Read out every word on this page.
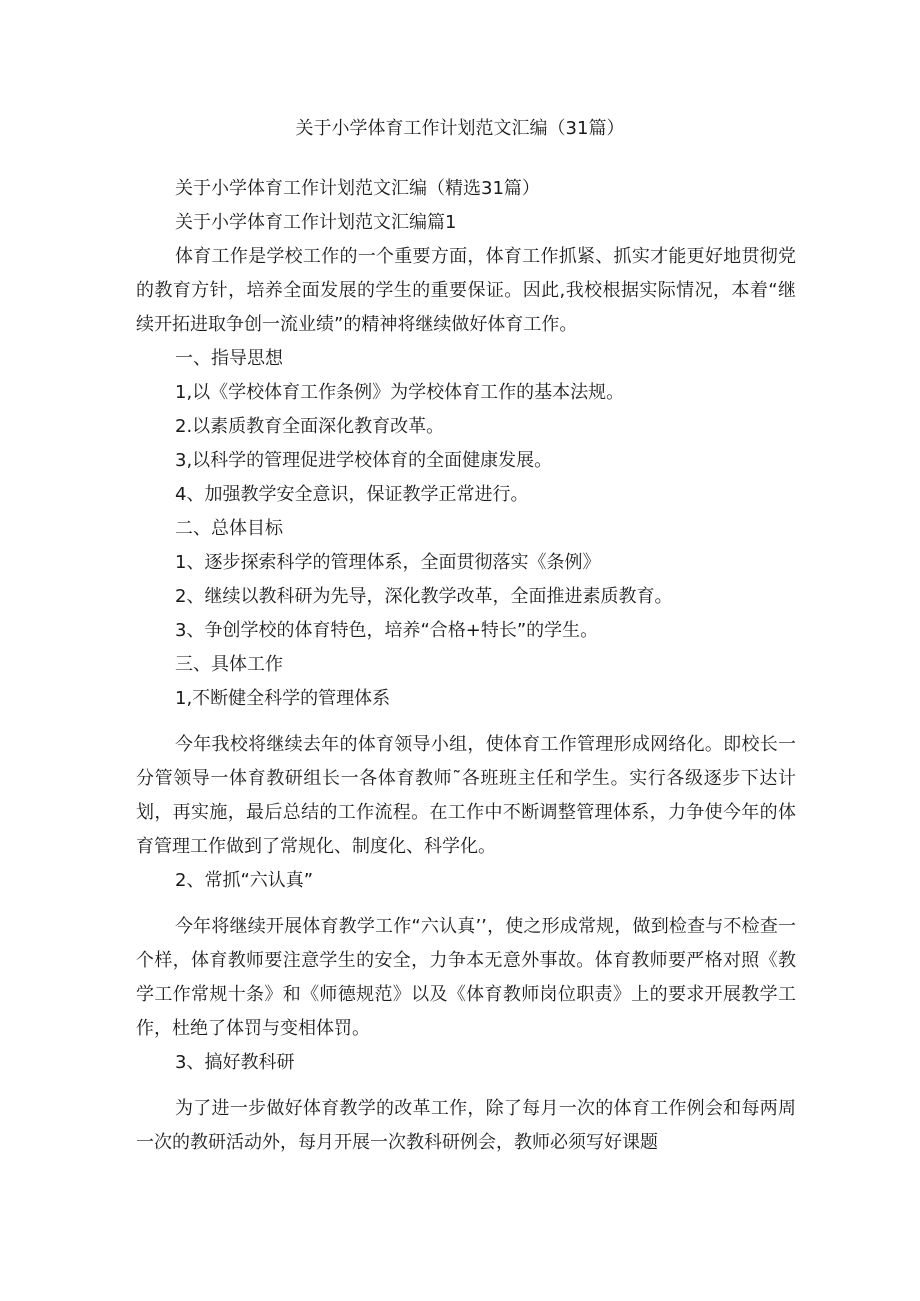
关于小学体育工作计划范文汇编（31篇）
关于小学体育工作计划范文汇编（精选31篇）
关于小学体育工作计划范文汇编篇1

体育工作是学校工作的一个重要方面，体育工作抓紧、抓实才能更好地贯彻党的教育方针，培养全面发展的学生的重要保证。因此,我校根据实际情况，本着“继续开拓进取争创一流业绩”的精神将继续做好体育工作。

一、指导思想
1,以《学校体育工作条例》为学校体育工作的基本法规。
2.以素质教育全面深化教育改革。
3,以科学的管理促进学校体育的全面健康发展。
4、加强教学安全意识，保证教学正常进行。
二、总体目标
1、逐步探索科学的管理体系，全面贯彻落实《条例》
2、继续以教科研为先导，深化教学改革，全面推进素质教育。
3、争创学校的体育特色，培养“合格+特长”的学生。
三、具体工作
1,不断健全科学的管理体系

今年我校将继续去年的体育领导小组，使体育工作管理形成网络化。即校长一分管领导一体育教研组长一各体育教师˜各班班主任和学生。实行各级逐步下达计划，再实施，最后总结的工作流程。在工作中不断调整管理体系，力争使今年的体育管理工作做到了常规化、制度化、科学化。

2、常抓“六认真”

今年将继续开展体育教学工作“六认真’’，使之形成常规，做到检查与不检查一个样，体育教师要注意学生的安全，力争本无意外事故。体育教师要严格对照《教学工作常规十条》和《师德规范》以及《体育教师岗位职责》上的要求开展教学工作，杜绝了体罚与变相体罚。

3、搞好教科研

为了进一步做好体育教学的改革工作，除了每月一次的体育工作例会和每两周一次的教研活动外，每月开展一次教科研例会，教师必须写好课题
